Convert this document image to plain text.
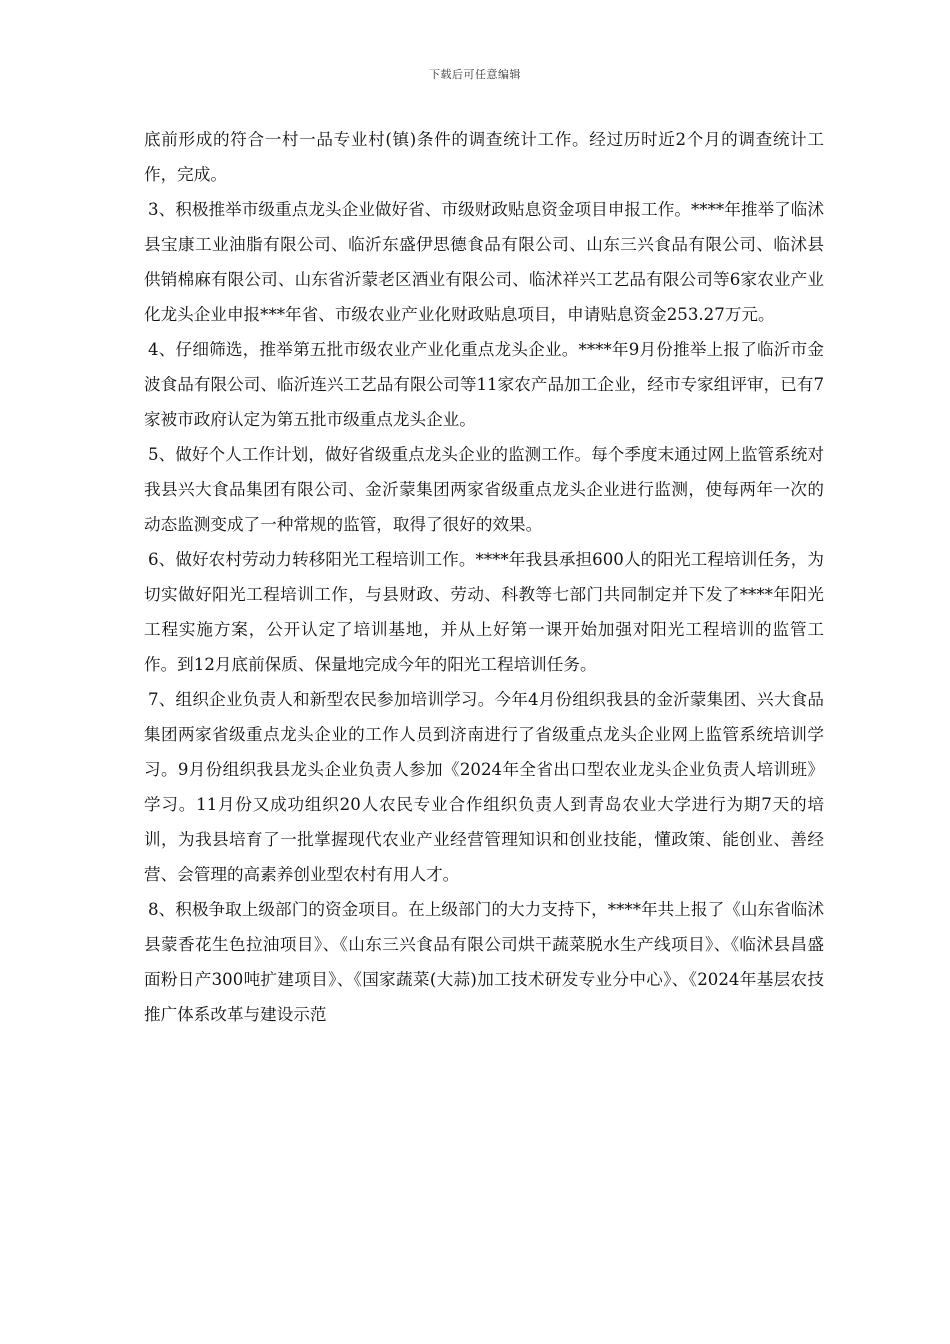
下载后可任意编辑

底前形成的符合一村一品专业村(镇)条件的调查统计工作。经过历时近2个月的调查统计工作，完成。

3、积极推举市级重点龙头企业做好省、市级财政贴息资金项目申报工作。****年推举了临沭县宝康工业油脂有限公司、临沂东盛伊思德食品有限公司、山东三兴食品有限公司、临沭县供销棉麻有限公司、山东省沂蒙老区酒业有限公司、临沭祥兴工艺品有限公司等6家农业产业化龙头企业申报***年省、市级农业产业化财政贴息项目，申请贴息资金253.27万元。

4、仔细筛选，推举第五批市级农业产业化重点龙头企业。****年9月份推举上报了临沂市金波食品有限公司、临沂连兴工艺品有限公司等11家农产品加工企业，经市专家组评审，已有7家被市政府认定为第五批市级重点龙头企业。

5、做好个人工作计划，做好省级重点龙头企业的监测工作。每个季度末通过网上监管系统对我县兴大食品集团有限公司、金沂蒙集团两家省级重点龙头企业进行监测，使每两年一次的动态监测变成了一种常规的监管，取得了很好的效果。

6、做好农村劳动力转移阳光工程培训工作。****年我县承担600人的阳光工程培训任务，为切实做好阳光工程培训工作，与县财政、劳动、科教等七部门共同制定并下发了****年阳光工程实施方案，公开认定了培训基地，并从上好第一课开始加强对阳光工程培训的监管工作。到12月底前保质、保量地完成今年的阳光工程培训任务。

7、组织企业负责人和新型农民参加培训学习。今年4月份组织我县的金沂蒙集团、兴大食品集团两家省级重点龙头企业的工作人员到济南进行了省级重点龙头企业网上监管系统培训学习。9月份组织我县龙头企业负责人参加《2024年全省出口型农业龙头企业负责人培训班》学习。11月份又成功组织20人农民专业合作组织负责人到青岛农业大学进行为期7天的培训，为我县培育了一批掌握现代农业产业经营管理知识和创业技能，懂政策、能创业、善经营、会管理的高素养创业型农村有用人才。

8、积极争取上级部门的资金项目。在上级部门的大力支持下，****年共上报了《山东省临沭县蒙香花生色拉油项目》、《山东三兴食品有限公司烘干蔬菜脱水生产线项目》、《临沭县昌盛面粉日产300吨扩建项目》、《国家蔬菜(大蒜)加工技术研发专业分中心》、《2024年基层农技推广体系改革与建设示范
